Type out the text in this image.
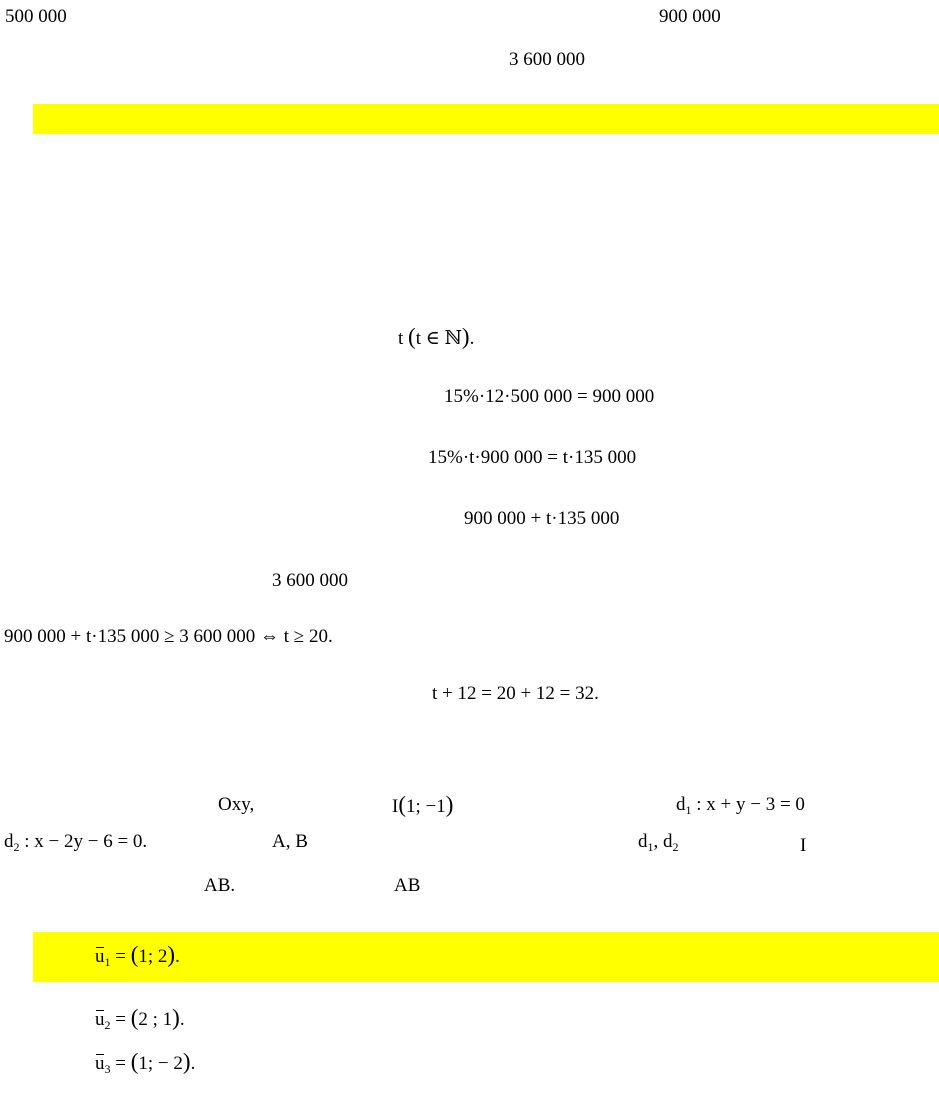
500 000	900 000
3 600 000
t (t ∈ ℕ).
15%·12·500 000 = 900 000
15%·t·900 000 = t·135 000
900 000 + t·135 000
3 600 000
900 000 + t·135 000 ≥ 3 600 000 ⇔ t ≥ 20.
t + 12 = 20 + 12 = 32.
Oxy,	I(1; −1)	$d_1$ : x + y − 3 = 0
$d_2$ : x − 2y − 6 = 0.	A, B	$d_1$, $d_2$	I
AB.	AB
$u_1 = (1$; 2).
$u_2 = (2$ ; 1).
$u_3 = (1$; − 2).
